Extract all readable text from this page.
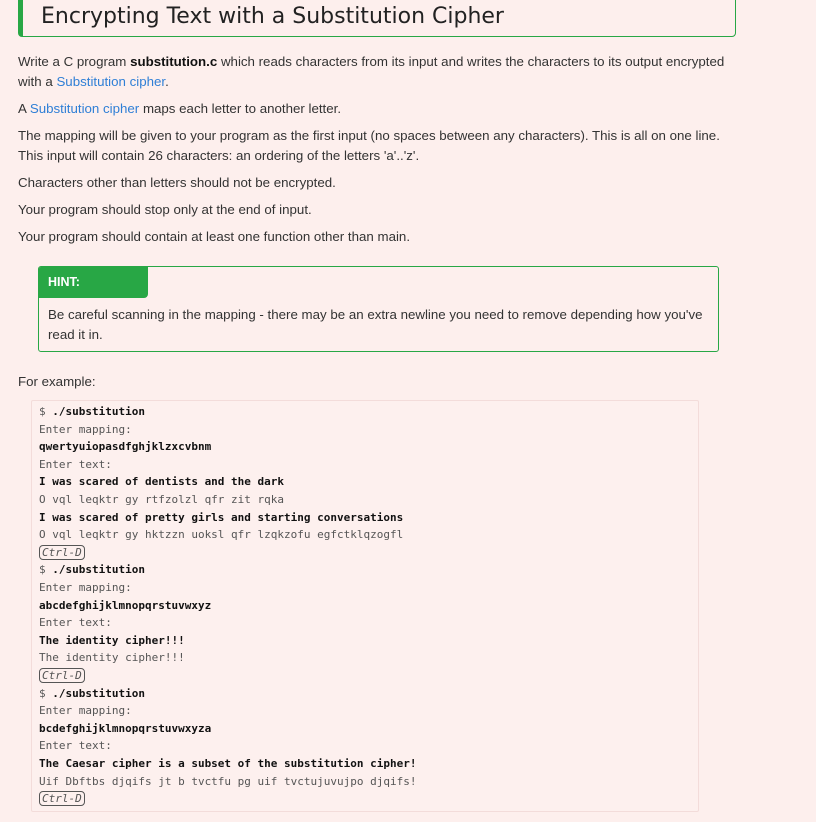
Encrypting Text with a Substitution Cipher

Write a C program substitution.c which reads characters from its input and writes the characters to its output encrypted with a Substitution cipher.

A Substitution cipher maps each letter to another letter.

The mapping will be given to your program as the first input (no spaces between any characters). This is all on one line. This input will contain 26 characters: an ordering of the letters 'a'..'z'.

Characters other than letters should not be encrypted.

Your program should stop only at the end of input.

Your program should contain at least one function other than main.

HINT:
Be careful scanning in the mapping - there may be an extra newline you need to remove depending how you've read it in.

For example:

$ ./substitution
Enter mapping:
qwertyuiopasdfghjklzxcvbnm
Enter text:
I was scared of dentists and the dark
O vql leqktr gy rtfzolzl qfr zit rqka
I was scared of pretty girls and starting conversations
O vql leqktr gy hktzzn uoksl qfr lzqkzofu egfctklqzogfl
Ctrl-D
$ ./substitution
Enter mapping:
abcdefghijklmnopqrstuvwxyz
Enter text:
The identity cipher!!!
The identity cipher!!!
Ctrl-D
$ ./substitution
Enter mapping:
bcdefghijklmnopqrstuvwxyza
Enter text:
The Caesar cipher is a subset of the substitution cipher!
Uif Dbftbs djqifs jt b tvctfu pg uif tvctujuvujpo djqifs!
Ctrl-D
